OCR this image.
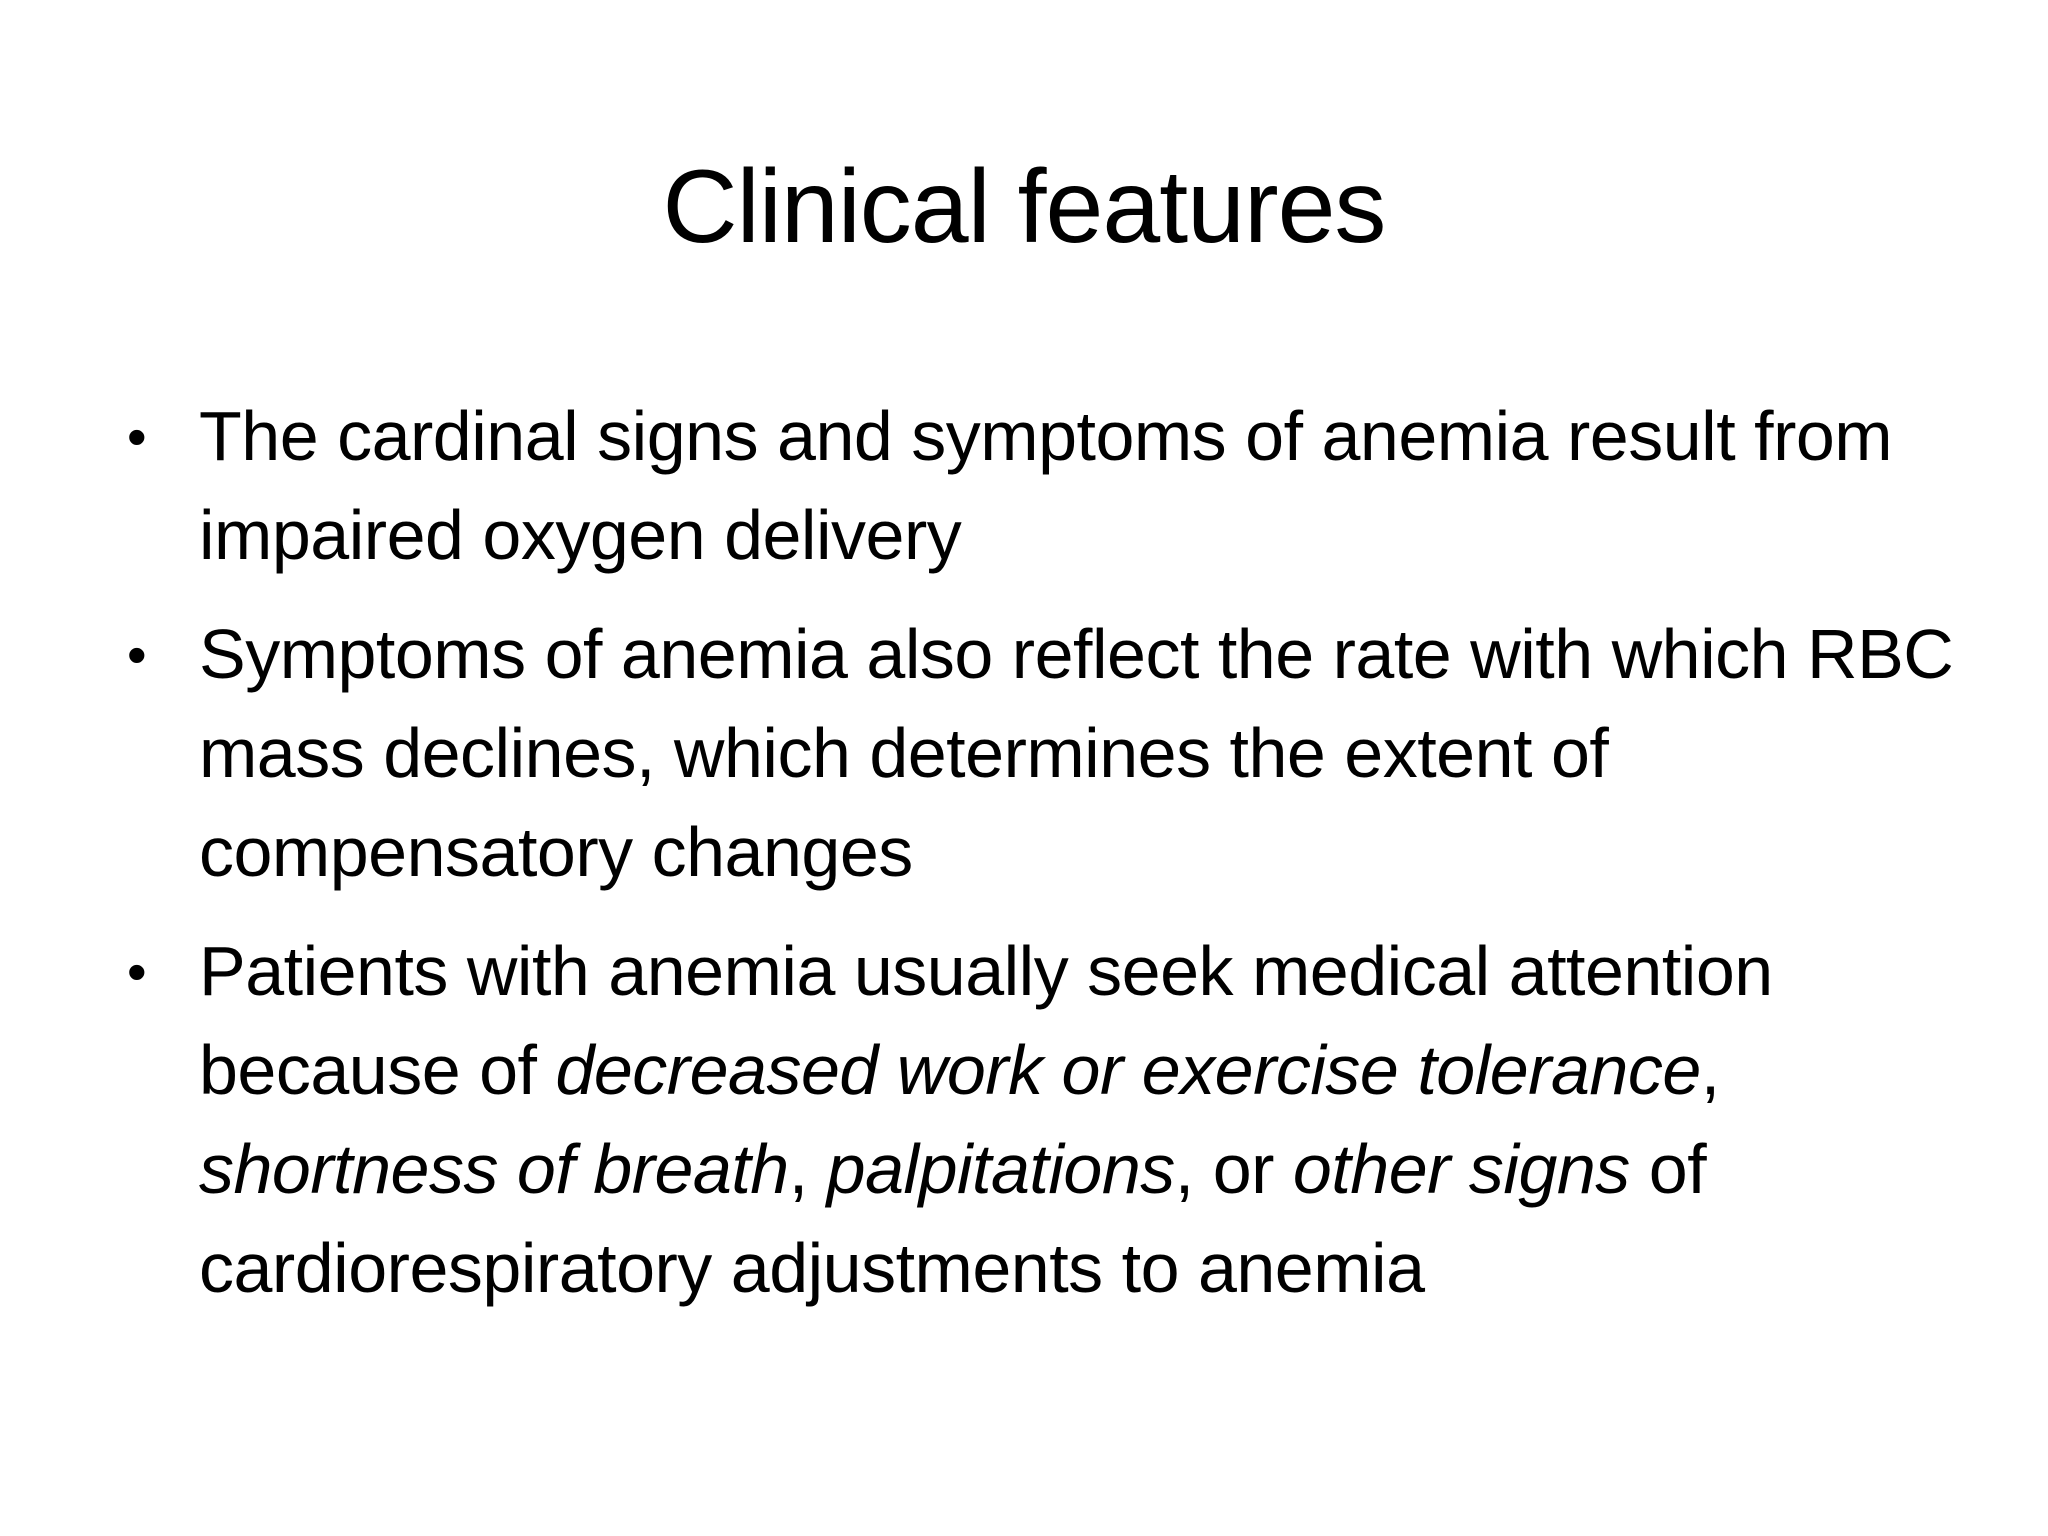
Clinical features
• The cardinal signs and symptoms of anemia result from impaired oxygen delivery
• Symptoms of anemia also reflect the rate with which RBC mass declines, which determines the extent of compensatory changes
• Patients with anemia usually seek medical attention because of decreased work or exercise tolerance, shortness of breath, palpitations, or other signs of cardiorespiratory adjustments to anemia
